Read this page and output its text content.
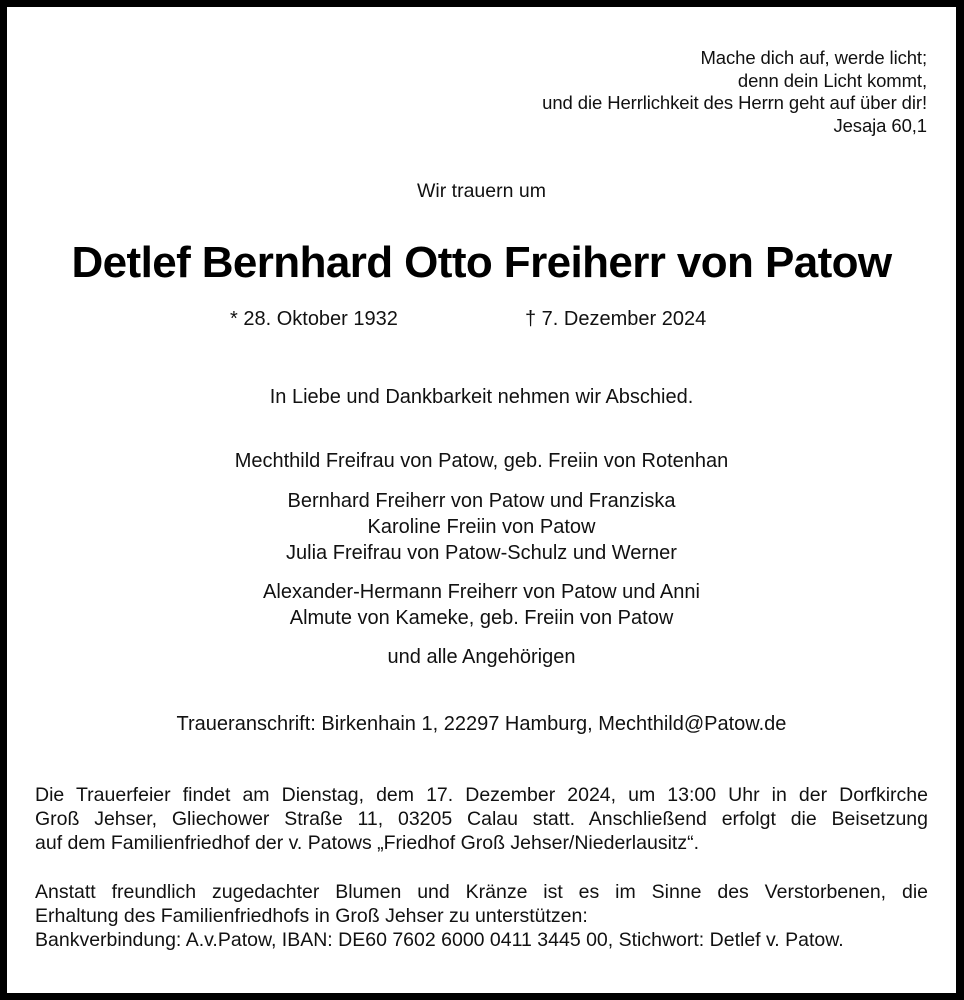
Mache dich auf, werde licht;
denn dein Licht kommt,
und die Herrlichkeit des Herrn geht auf über dir!
Jesaja 60,1
Wir trauern um
Detlef Bernhard Otto Freiherr von Patow
* 28. Oktober 1932	† 7. Dezember 2024
In Liebe und Dankbarkeit nehmen wir Abschied.
Mechthild Freifrau von Patow, geb. Freiin von Rotenhan
Bernhard Freiherr von Patow und Franziska
Karoline Freiin von Patow
Julia Freifrau von Patow-Schulz und Werner
Alexander-Hermann Freiherr von Patow und Anni
Almute von Kameke, geb. Freiin von Patow
und alle Angehörigen
Traueranschrift: Birkenhain 1, 22297 Hamburg, Mechthild@Patow.de
Die Trauerfeier findet am Dienstag, dem 17. Dezember 2024, um 13:00 Uhr in der Dorfkirche
Groß Jehser, Gliechower Straße 11, 03205 Calau statt. Anschließend erfolgt die Beisetzung
auf dem Familienfriedhof der v. Patows „Friedhof Groß Jehser/Niederlausitz“.
Anstatt freundlich zugedachter Blumen und Kränze ist es im Sinne des Verstorbenen, die
Erhaltung des Familienfriedhofs in Groß Jehser zu unterstützen:
Bankverbindung: A.v.Patow, IBAN: DE60 7602 6000 0411 3445 00, Stichwort: Detlef v. Patow.
